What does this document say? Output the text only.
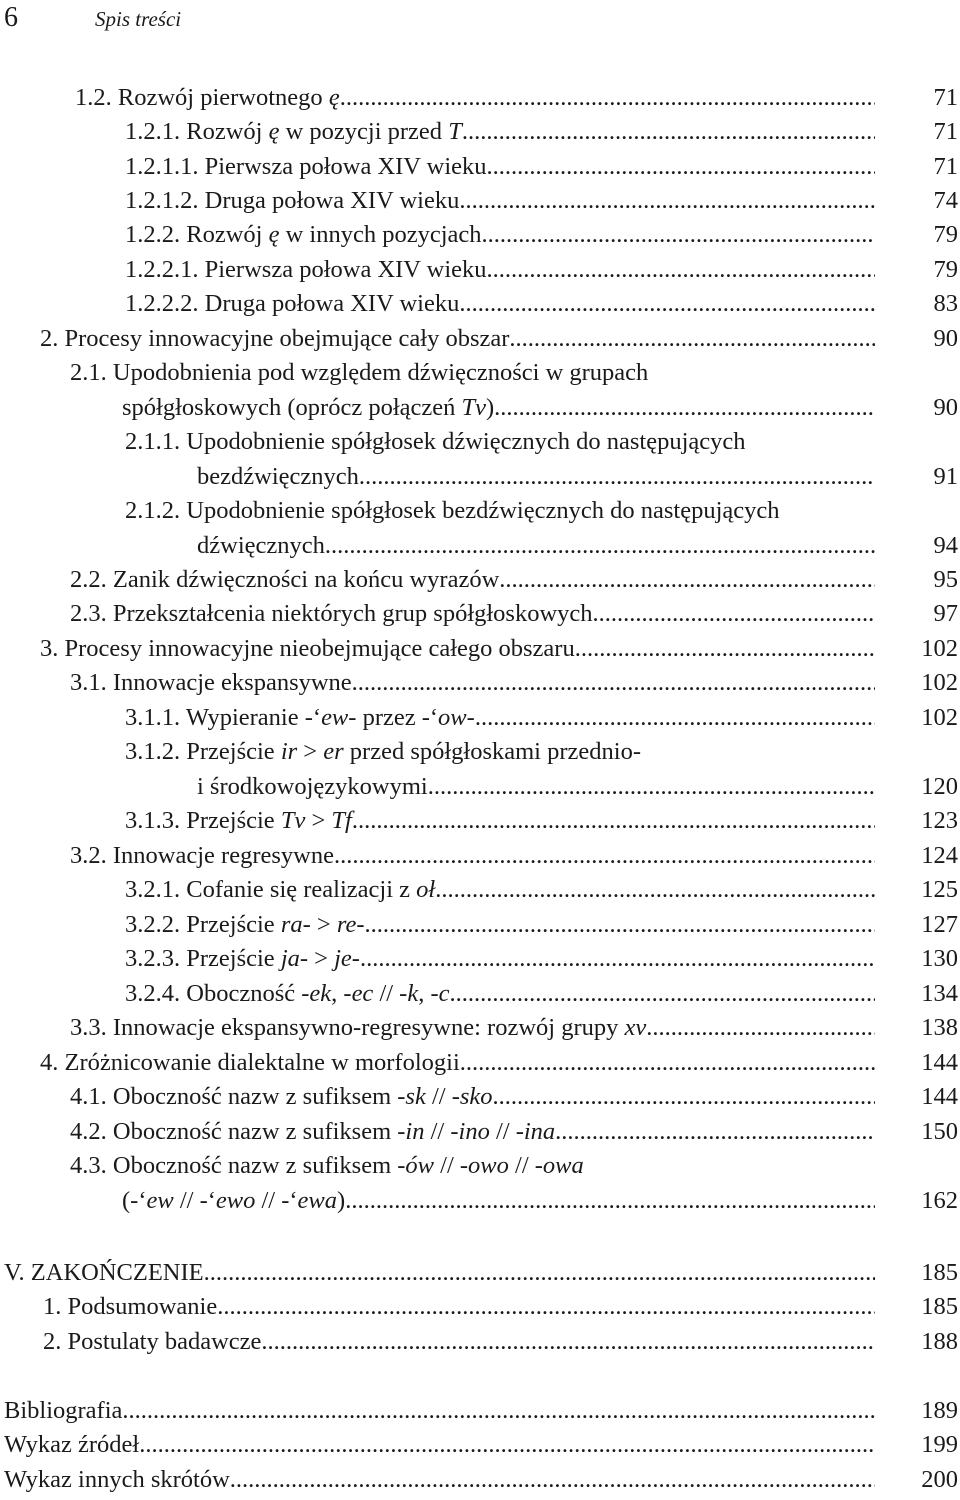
6	Spis treści
1.2. Rozwój pierwotnego ę .....	71
1.2.1. Rozwój ę w pozycji przed T .....	71
1.2.1.1. Pierwsza połowa XIV wieku .....	71
1.2.1.2. Druga połowa XIV wieku .....	74
1.2.2. Rozwój ę w innych pozycjach .....	79
1.2.2.1. Pierwsza połowa XIV wieku .....	79
1.2.2.2. Druga połowa XIV wieku .....	83
2. Procesy innowacyjne obejmujące cały obszar .....	90
2.1. Upodobnienia pod względem dźwięczności w grupach
spółgłoskowych (oprócz połączeń Tv) .....	90
2.1.1. Upodobnienie spółgłosek dźwięcznych do następujących
bezdźwięcznych .....	91
2.1.2. Upodobnienie spółgłosek bezdźwięcznych do następujących
dźwięcznych .....	94
2.2. Zanik dźwięczności na końcu wyrazów .....	95
2.3. Przekształcenia niektórych grup spółgłoskowych .....	97
3. Procesy innowacyjne nieobejmujące całego obszaru .....	102
3.1. Innowacje ekspansywne .....	102
3.1.1. Wypieranie -‘ew- przez -‘ow- .....	102
3.1.2. Przejście ir > er przed spółgłoskami przednio-
i środkowojęzykowymi .....	120
3.1.3. Przejście Tv > Tf .....	123
3.2. Innowacje regresywne .....	124
3.2.1. Cofanie się realizacji z oł .....	125
3.2.2. Przejście ra- > re- .....	127
3.2.3. Przejście ja- > je- .....	130
3.2.4. Oboczność -ek, -ec // -k, -c .....	134
3.3. Innowacje ekspansywno-regresywne: rozwój grupy xv .....	138
4. Zróżnicowanie dialektalne w morfologii .....	144
4.1. Oboczność nazw z sufiksem -sk // -sko .....	144
4.2. Oboczność nazw z sufiksem -in // -ino // -ina .....	150
4.3. Oboczność nazw z sufiksem -ów // -owo // -owa
(-‘ew // -‘ewo // -‘ewa) .....	162
V. ZAKOŃCZENIE .....	185
1. Podsumowanie .....	185
2. Postulaty badawcze .....	188
Bibliografia .....	189
Wykaz źródeł .....	199
Wykaz innych skrótów .....	200
